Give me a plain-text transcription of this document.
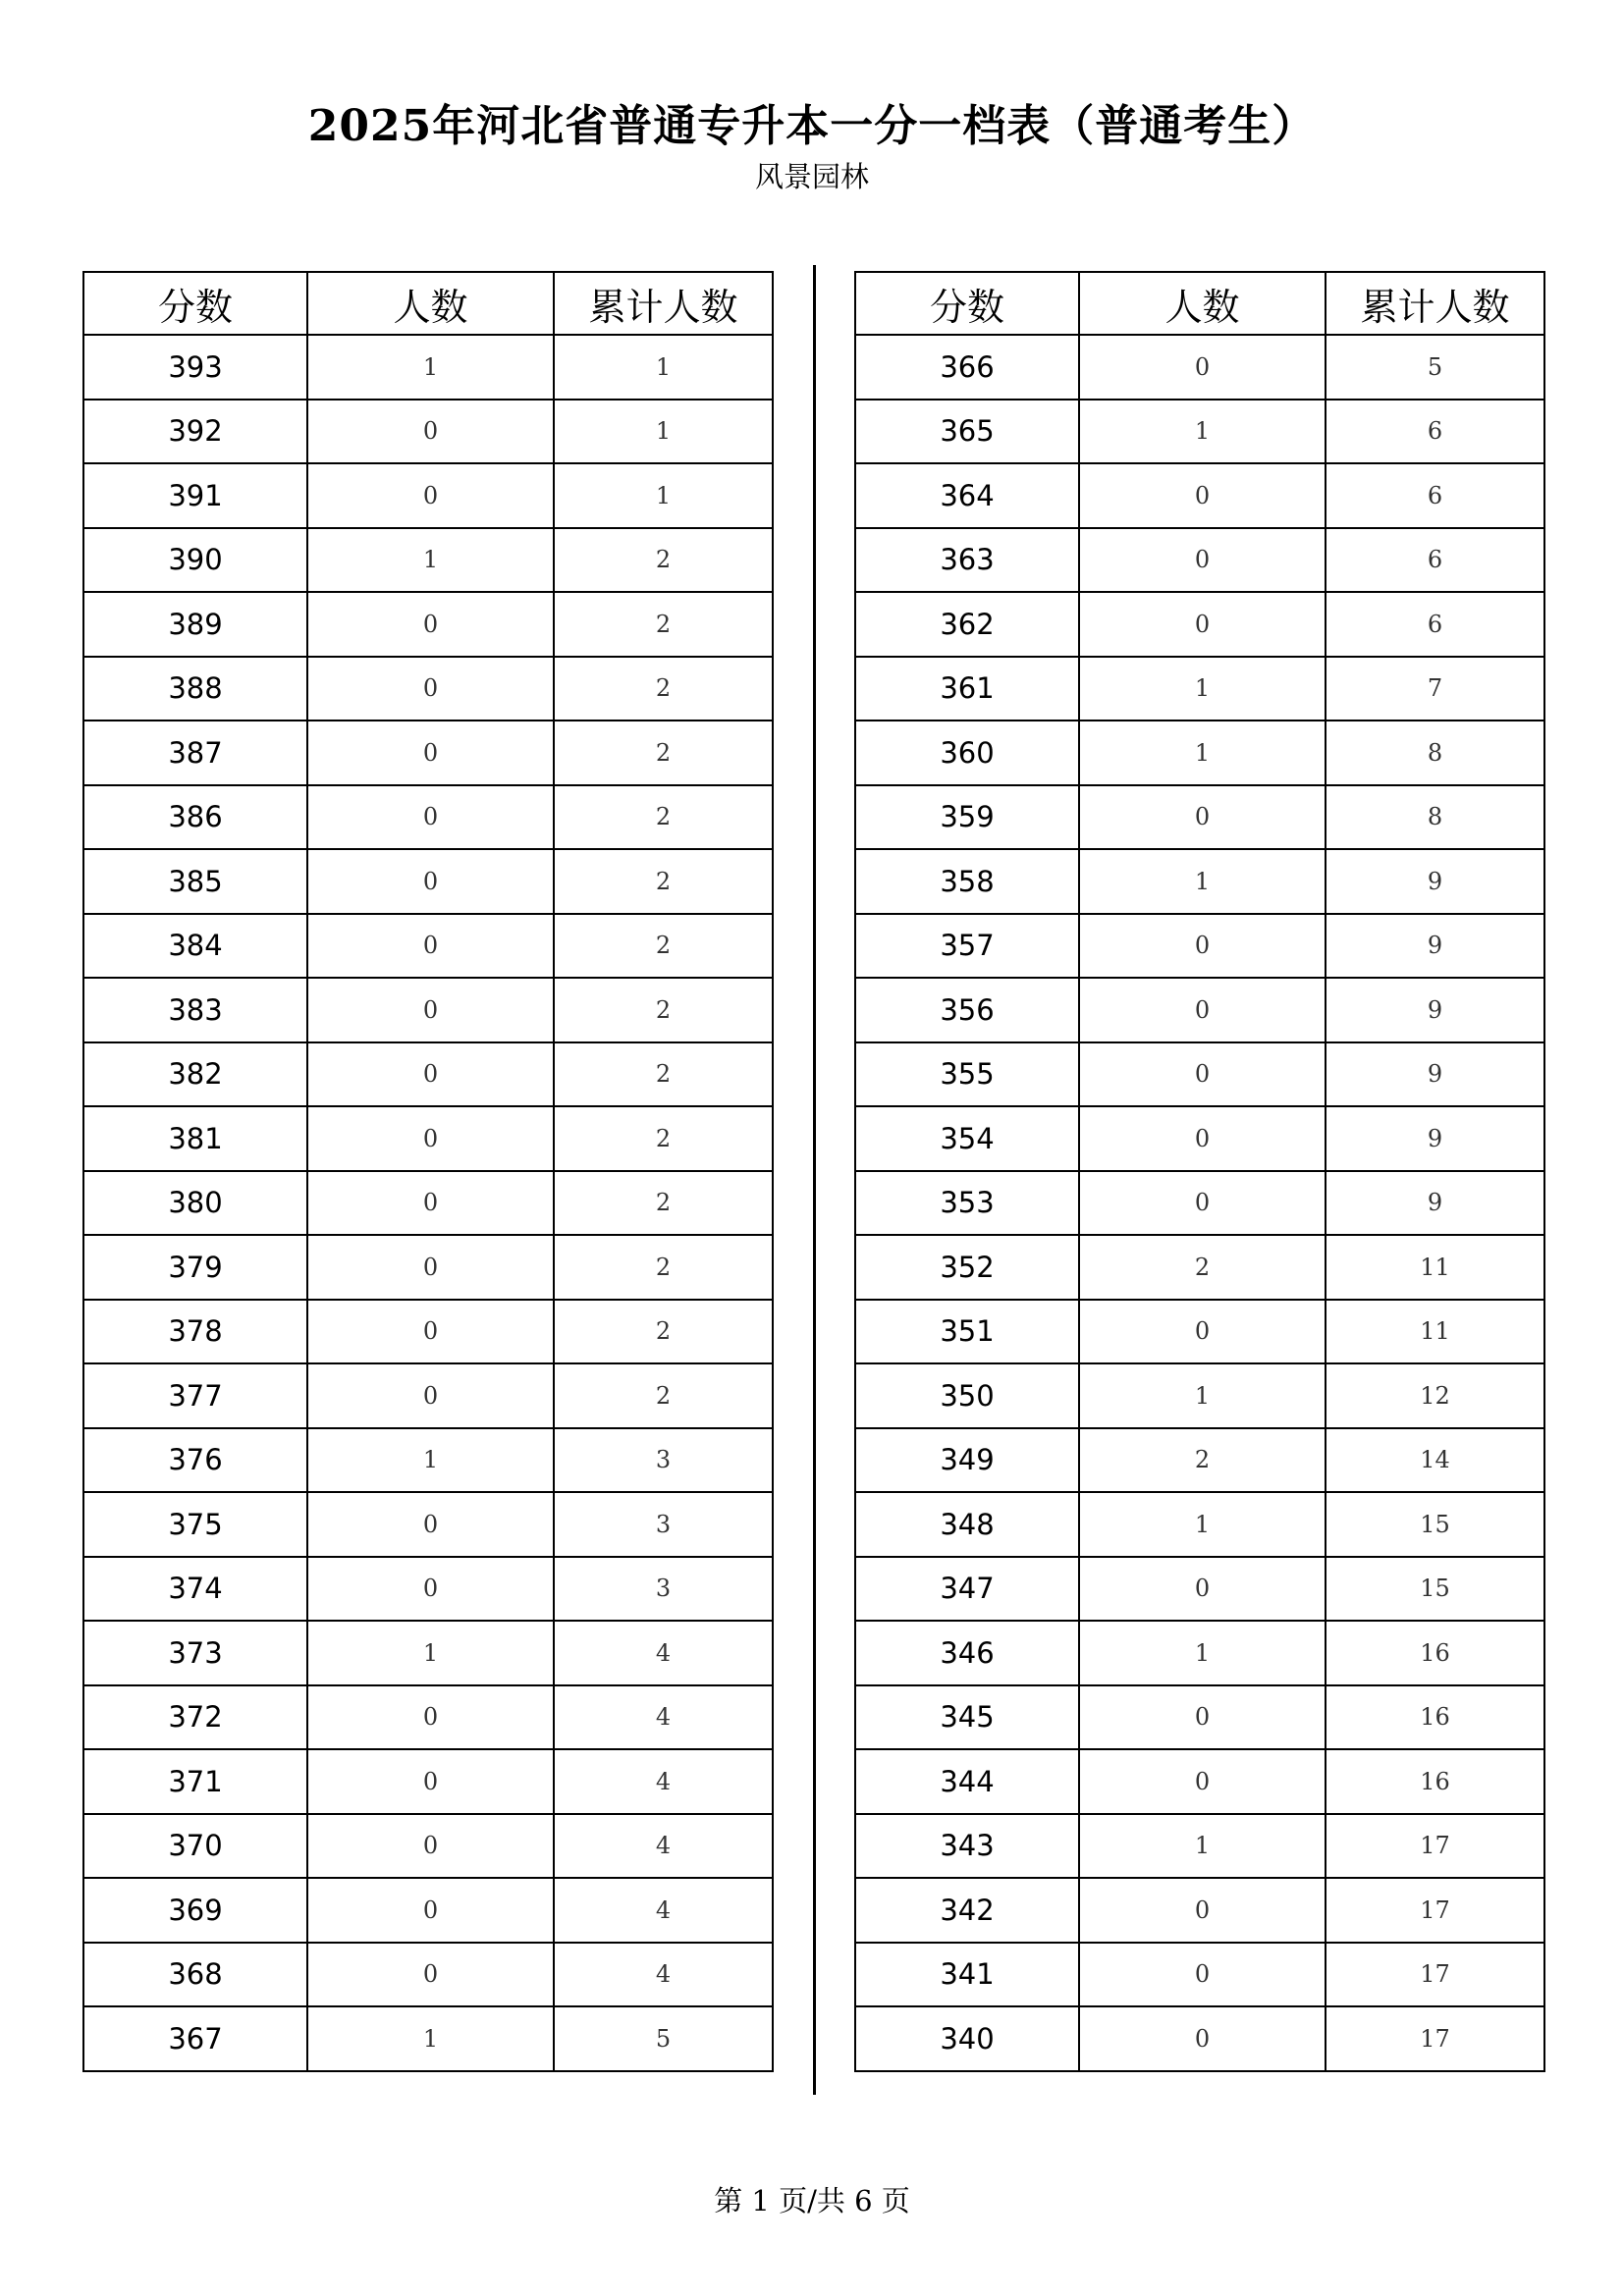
2025年河北省普通专升本一分一档表（普通考生）
风景园林
分数	人数	累计人数
393	1	1
392	0	1
391	0	1
390	1	2
389	0	2
388	0	2
387	0	2
386	0	2
385	0	2
384	0	2
383	0	2
382	0	2
381	0	2
380	0	2
379	0	2
378	0	2
377	0	2
376	1	3
375	0	3
374	0	3
373	1	4
372	0	4
371	0	4
370	0	4
369	0	4
368	0	4
367	1	5
分数	人数	累计人数
366	0	5
365	1	6
364	0	6
363	0	6
362	0	6
361	1	7
360	1	8
359	0	8
358	1	9
357	0	9
356	0	9
355	0	9
354	0	9
353	0	9
352	2	11
351	0	11
350	1	12
349	2	14
348	1	15
347	0	15
346	1	16
345	0	16
344	0	16
343	1	17
342	0	17
341	0	17
340	0	17
第 1 页/共 6 页
